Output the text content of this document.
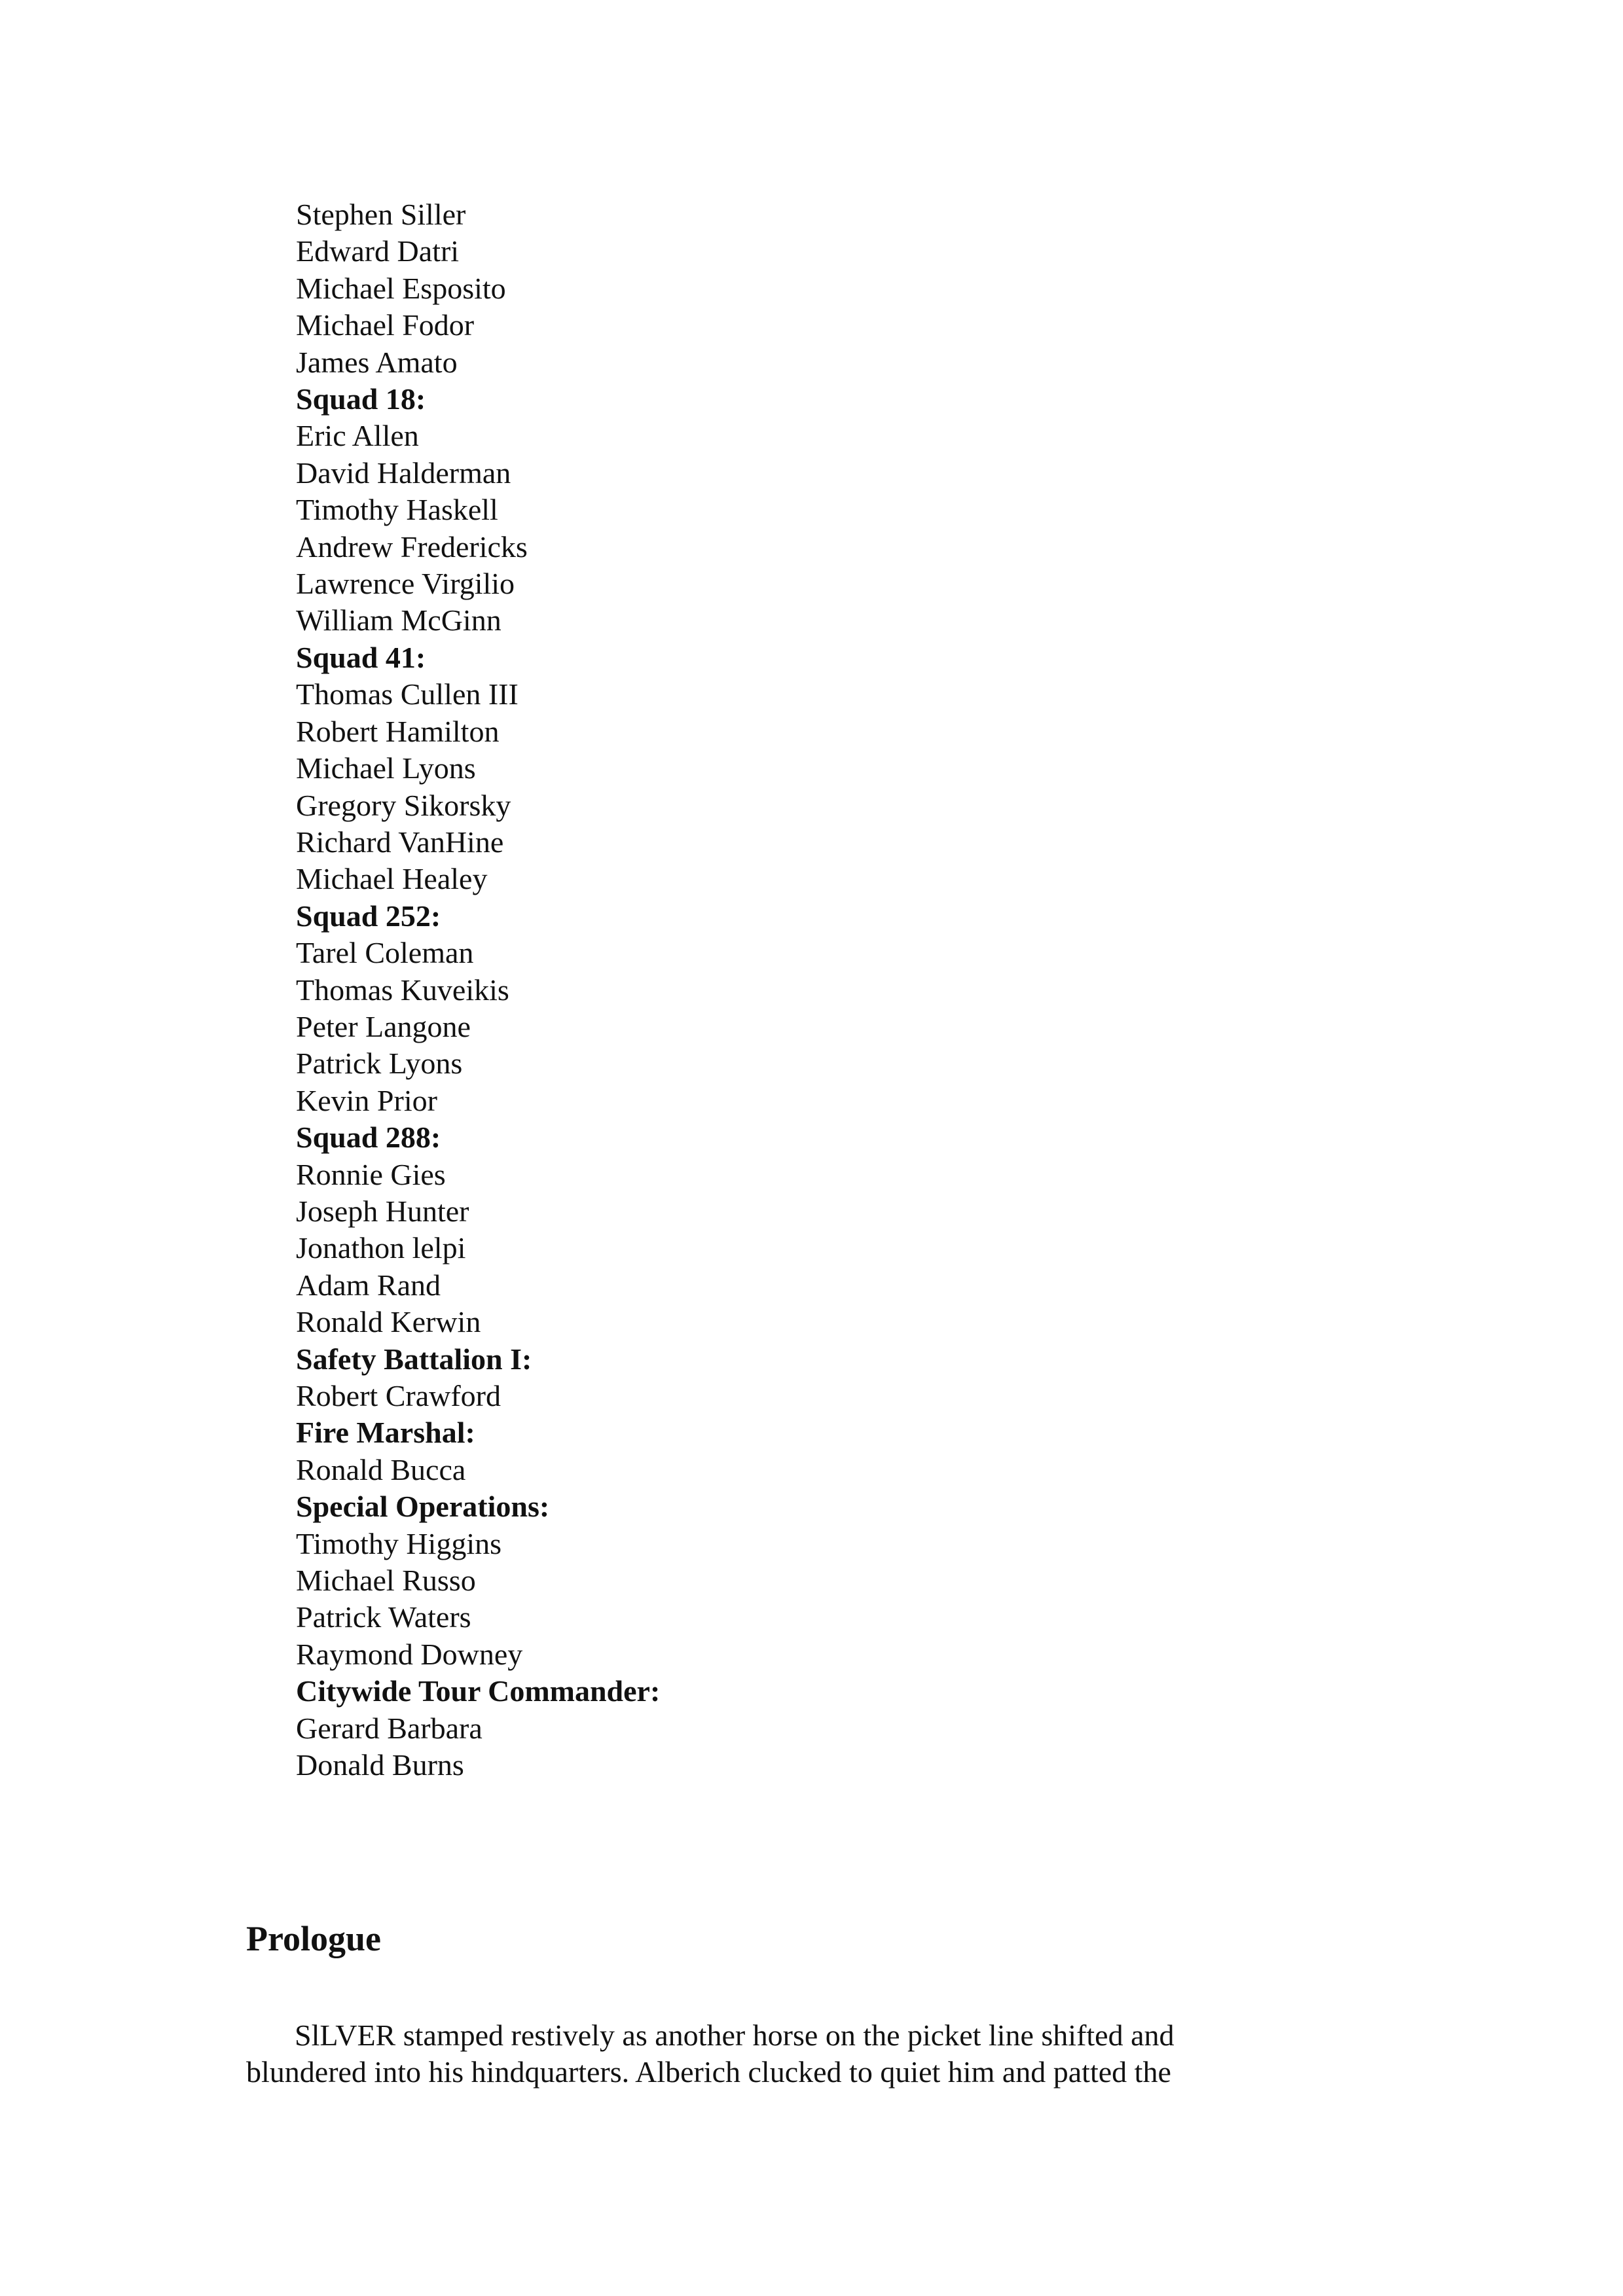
Stephen Siller
Edward Datri
Michael Esposito
Michael Fodor
James Amato
Squad 18:
Eric Allen
David Halderman
Timothy Haskell
Andrew Fredericks
Lawrence Virgilio
William McGinn
Squad 41:
Thomas Cullen III
Robert Hamilton
Michael Lyons
Gregory Sikorsky
Richard VanHine
Michael Healey
Squad 252:
Tarel Coleman
Thomas Kuveikis
Peter Langone
Patrick Lyons
Kevin Prior
Squad 288:
Ronnie Gies
Joseph Hunter
Jonathon lelpi
Adam Rand
Ronald Kerwin
Safety Battalion I:
Robert Crawford
Fire Marshal:
Ronald Bucca
Special Operations:
Timothy Higgins
Michael Russo
Patrick Waters
Raymond Downey
Citywide Tour Commander:
Gerard Barbara
Donald Burns
Prologue
SlLVER stamped restively as another horse on the picket line shifted and
blundered into his hindquarters. Alberich clucked to quiet him and patted the
